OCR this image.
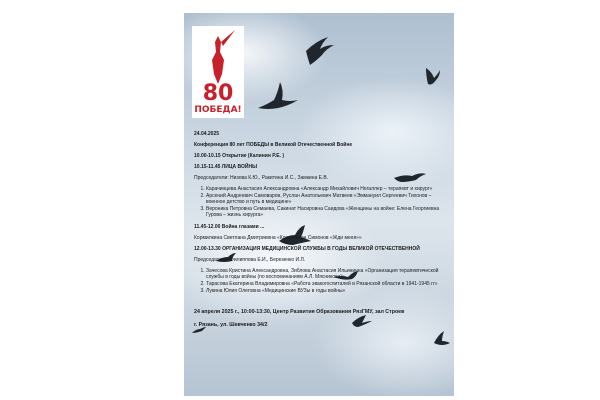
80
ПОБЕДА!
24.04.2025
Конференция 80 лет ПОБЕДЫ в Великой Отечественной Войне
10.00-10.15 Открытие (Калинин Р.Е. )
10.15-11.45 ЛИЦА ВОЙНЫ
Председатели: Низова К.Ю., Ракитина И.С., Замкина Е.В.
1. Карачинцева Анастасия Александровна «Александр Михайлович Ногаллер – терапевт и хирург»
2. Арсений Андреевич Самоваров, Руслан Анатольевич Матвеев «Эммануил Сергеевич Тихонов – военное детство и путь в медицине»
3. Вероника Петровна Семаева, Сакинат Насировна Саидова «Женщины на войне: Елена Георгиевна Гурова – жизнь хирурга»
11.45-12.00 Война глазами ...
Кормилкина Светлана Дмитриевна «Константин Симонов «Жди меня»»
12.00-13.30 ОРГАНИЗАЦИЯ МЕДИЦИНСКОЙ СЛУЖБЫ В ГОДЫ ВЕЛИКОЙ ОТЕЧЕСТВЕННОЙ
Председатели: Филиппова Е.И., Березенко И.Л.
1. Зачесова Кристина Александровна, Зиблова Анастасия Ильинична «Организация терапевтической службы в годы войны (по воспоминаниям А.Л. Мясникова)»
2. Тарасова Екатерина Владимировна «Работа эвакогоспиталей в Рязанской области в 1941-1945 гг»
3. Лукина Юлия Олеговна «Медицинские ВУЗы в годы войны»
24 апреля 2025 г., 10:00-13:30, Центр Развития Образования РязГМУ, зал Строев
г. Рязань, ул. Шевченко 34/2
